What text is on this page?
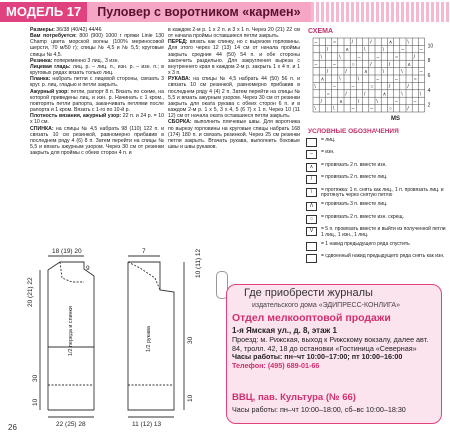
МОДЕЛЬ 17	Пуловер с воротником «кармен»

Размеры: 36/38 (40/42) 44/46

Вам потребуется: 800 (900) 1000 г пряжи Linie 130 Champ цвета морской волны (100% мериносовой шерсти, 70 м/50 г); спицы № 4,5 и № 5,5; круговые спицы № 4,5.

Резинка: попеременно 3 лиц., 3 изн.

Лицевая гладь: лиц. р. – лиц. п., изн. р. – изн. п.; в круговых рядах вязать только лиц.

Планка: набрать петли с лицевой стороны, связать 3 круг. р. лиц. гладью и петли закрыть.

Ажурный узор: петли, рапорт 8 п. Вязать по схеме, на которой приведены лиц. и изн. р. Начинать с 1 кром., повторять петли рапорта, заканчивать петлями после рапорта и 1 кром. Вязать с 1-го по 10-й р.

Плотность вязания, ажурный узор: 22 п. и 24 р. = 10 х 10 см.

СПИНКА: на спицы № 4,5 набрать 98 (110) 122 п. и связать 10 см резинкой, равномерно прибавив в последнем ряду 4 (6) 8 п. Затем перейти на спицы № 5,5 и вязать ажурным узором. Через 30 см от резинки закрыть для проймы с обеих сторон 4 п. и

в каждом 2-м р. 1 х 2 п. и 3 х 1 п. Через 20 (21) 22 см от начала проймы оставшиеся петли закрыть.

ПЕРЕД: вязать как спинку, но с вырезом горловины. Для этого через 12 (13) 14 см от начала проймы закрыть средние 44 (50) 54 п. и обе стороны закончить раздельно. Для закругления выреза с внутреннего края в каждом 2-м р. закрыть 1 х 4 п. и 1 х 3 п.

РУКАВА: на спицы № 4,5 набрать 44 (50) 56 п. и связать 10 см резинкой, равномерно прибавив в последнем ряду 4 (4) 2 п. Затем перейти на спицы № 5,5 и вязать ажурным узором. Через 30 см от резинки закрыть для оката рукава с обеих сторон 6 п. и в каждом 2-м р. 1 х 5, 3 х 4, 5 (6 7) х 1 п. Через 10 (11 12) см от начала оката оставшиеся петли закрыть.

СБОРКА: выполнить плечевые швы. Для воротника по вырезу горловины на круговые спицы набрать 168 (174) 180 п. и связать резинкой. Через 25 см резинки петли закрыть. Втачать рукава, выполнить боковые швы и швы рукавов.

СХЕМА
–	○	/	/	∧	\
/	∧	\	\	–	–
\	\	–	–	○	/
–	–	○	/	/	∧
/	/	∧	\	\	–
∧	\	\	–	–	○
\	–	–	○	/	/
○	/	/	∧	\	\
/	∧	\	\	–	–
\	\	–	–	○	/
10
8
6
4
2
MS
УСЛОВНЫЕ ОБОЗНАЧЕНИЯ
= лиц.
–	= изн.
∧	= провязать 2 п. вместе изн.
/	= провязать 2 п. вместе лиц.
\	= протяжка: 1 п. снять как лиц., 1 п. провязать лиц. и протянуть через снятую петлю
Λ	= провязать 3 п. вместе лиц.
○	= провязать 2 п. вместе изн. скрещ.
V	= 5 п. провязать вместе и выйти из полученной петли 1 лиц., 1 изн., 1 лиц.
= 1 накид предыдущего ряда спустить
= сдвоенный накид предыдущего ряда снять как изн.
18 (19) 20
9
20 (21) 22
30
10
22 (25) 28
1/2 переда и спинки
7	10 (11) 12
30
10
11 (12) 13
1/2 рукава
Где приобрести журналы
издательского дома «ЭДИПРЕСС-КОНЛИГА»
Отдел мелкооптовой продажи
1-я Ямская ул., д. 8, этаж 1
Проезд: м. Рижская, выход к Рижскому вокзалу, далее авт. 84, тролл. 42, 18 до остановки «Гостиница «Северная»
Часы работы: пн–чт 10:00–17:00; пт 10:00–16:00
Телефон: (495) 689-01-66
ВВЦ, пав. Культура (№ 66)
Часы работы: пн–чт 10:00–18:00, сб–вс 10:00–18:30
26
